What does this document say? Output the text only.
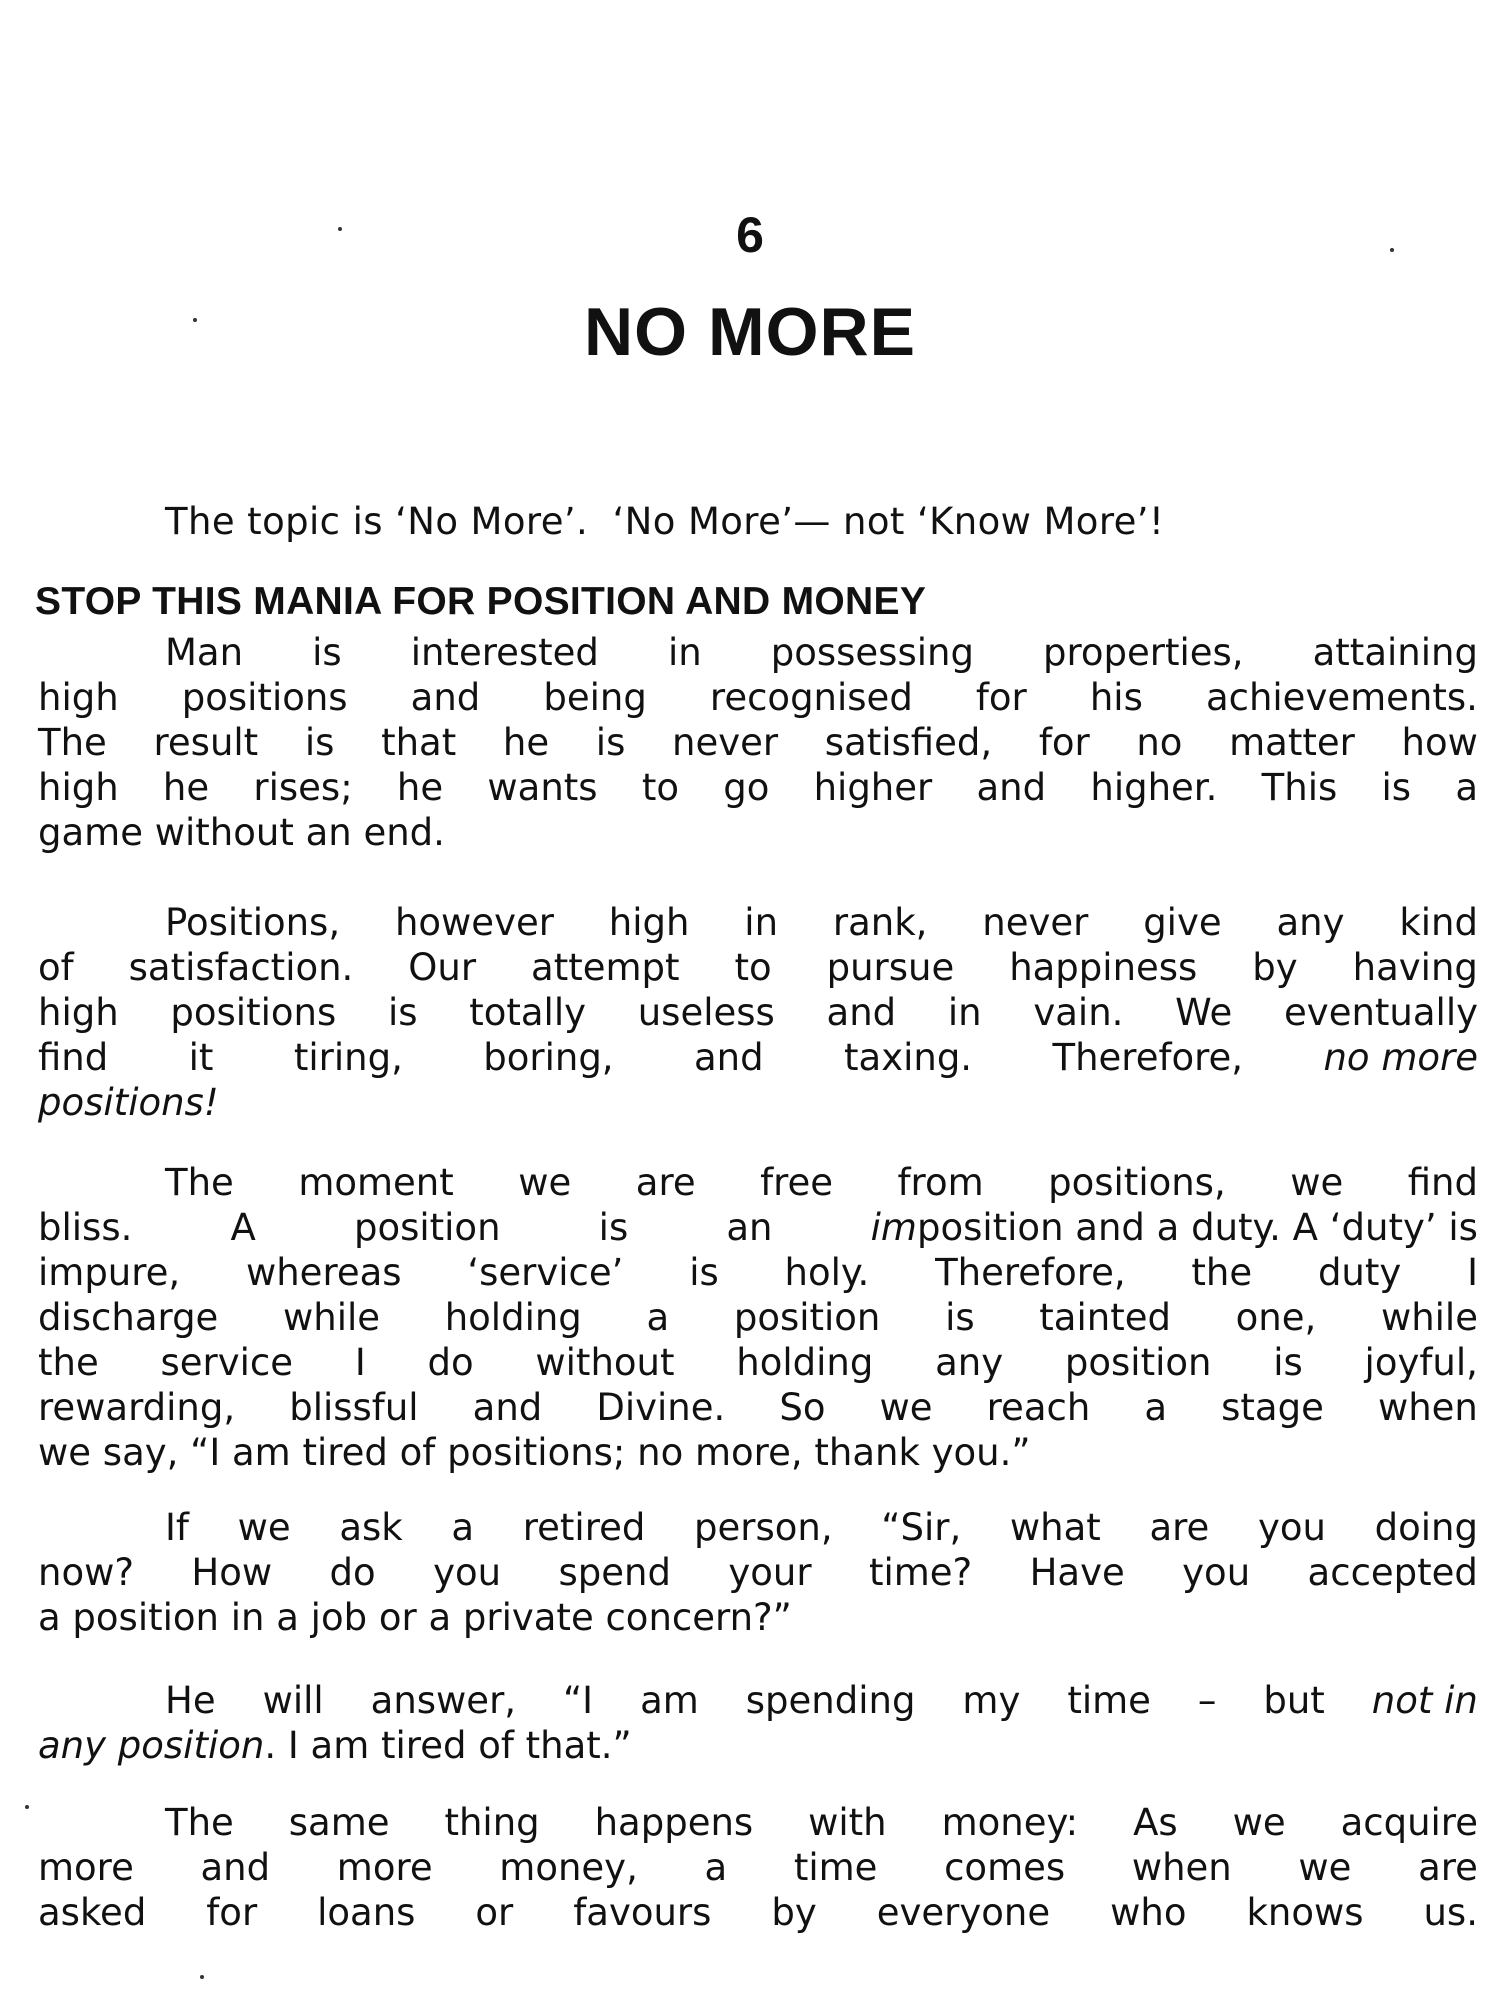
6
NO MORE
The topic is ‘No More’.  ‘No More’— not ‘Know More’!
STOP THIS MANIA FOR POSITION AND MONEY
Man is interested in possessing properties, attaining
high positions and being recognised for his achievements.
The result is that he is never satisfied, for no matter how
high he rises; he wants to go higher and higher. This is a
game without an end.
Positions, however high in rank, never give any kind
of satisfaction. Our attempt to pursue happiness by having
high positions is totally useless and in vain. We eventually
find it tiring, boring, and taxing. Therefore, no more
positions!
The moment we are free from positions, we find
bliss.	A	position	is	an	imposition and a duty. A ‘duty’ is
impure, whereas ‘service’ is holy. Therefore, the duty I
discharge while holding a position is tainted one, while
the service I do without holding any position is joyful,
rewarding, blissful and Divine. So we reach a stage when
we say, “I am tired of positions; no more, thank you.”
If we ask a retired person, “Sir, what are you doing
now? How do you spend your time? Have you accepted
a position in a job or a private concern?”
He will answer, “I am spending my time – but not in
any position . I am tired of that.”
The same thing happens with money: As we acquire
more and more money, a time comes when we are
asked for loans or favours by everyone who knows us.
